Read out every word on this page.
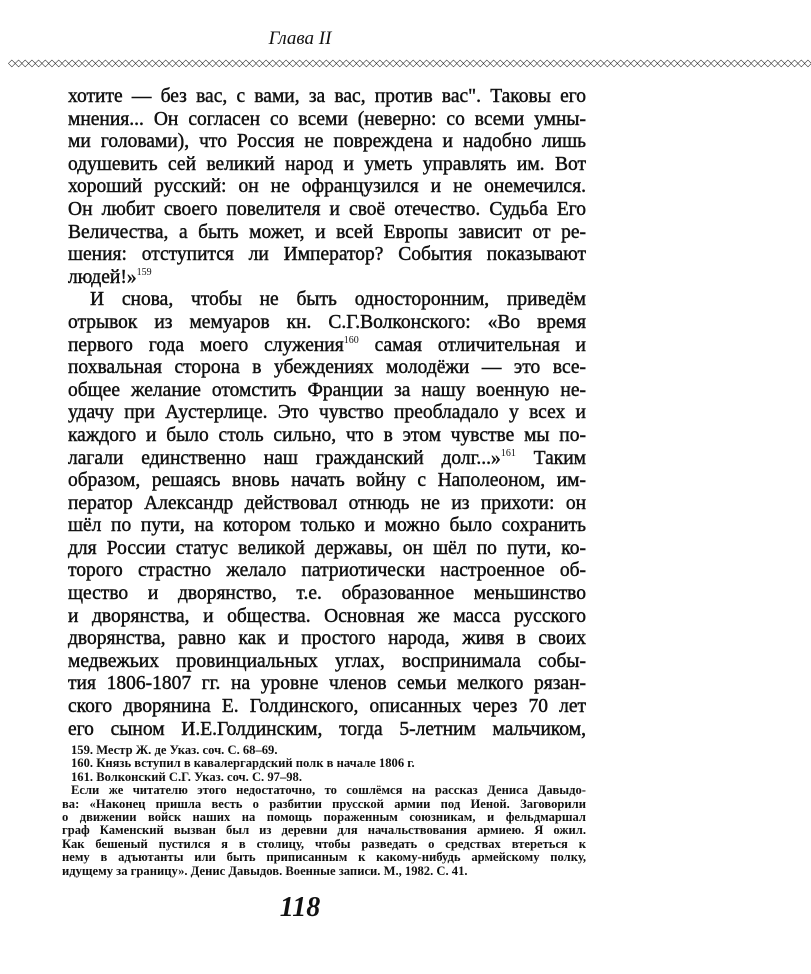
Глава II
◇◇◇◇◇◇◇◇◇◇◇◇◇◇◇◇◇◇◇◇◇◇◇◇◇◇◇◇◇◇◇◇◇◇◇◇◇◇◇◇◇◇◇◇◇◇◇◇◇◇◇◇◇◇◇◇◇◇◇◇◇◇◇◇◇◇◇◇◇◇◇◇◇◇◇◇◇◇◇◇◇◇◇◇◇◇◇◇◇◇◇◇◇◇◇◇◇◇◇◇◇◇◇◇◇◇◇◇◇◇◇◇◇◇◇◇◇◇◇◇
хотите — без вас, с вами, за вас, против вас". Таковы его
мнения... Он согласен со всеми (неверно: со всеми умны-
ми головами), что Россия не повреждена и надобно лишь
одушевить сей великий народ и уметь управлять им. Вот
хороший русский: он не офранцузился и не онемечился.
Он любит своего повелителя и своё отечество. Судьба Его
Величества, а быть может, и всей Европы зависит от ре-
шения: отступится ли Император? События показывают
людей!»$^{159}$
И снова, чтобы не быть односторонним, приведём
отрывок из мемуаров кн. С.Г.Волконского: «Во время
первого года моего служения$^{160}$ самая отличительная и
похвальная сторона в убеждениях молодёжи — это все-
общее желание отомстить Франции за нашу военную не-
удачу при Аустерлице. Это чувство преобладало у всех и
каждого и было столь сильно, что в этом чувстве мы по-
лагали единственно наш гражданский долг...»$^{161}$ Таким
образом, решаясь вновь начать войну с Наполеоном, им-
ператор Александр действовал отнюдь не из прихоти: он
шёл по пути, на котором только и можно было сохранить
для России статус великой державы, он шёл по пути, ко-
торого страстно желало патриотически настроенное об-
щество и дворянство, т.е. образованное меньшинство
и дворянства, и общества. Основная же масса русского
дворянства, равно как и простого народа, живя в своих
медвежьих провинциальных углах, воспринимала собы-
тия 1806-1807 гг. на уровне членов семьи мелкого рязан-
ского дворянина Е. Голдинского, описанных через 70 лет
его сыном И.Е.Голдинским, тогда 5-летним мальчиком,
159. Местр Ж. де Указ. соч. С. 68–69.
160. Князь вступил в кавалергардский полк в начале 1806 г.
161. Волконский С.Г. Указ. соч. С. 97–98.
Если же читателю этого недостаточно, то сошлёмся на рассказ Дениса Давыдо-
ва: «Наконец пришла весть о разбитии прусской армии под Иеной. Заговорили
о движении войск наших на помощь пораженным союзникам, и фельдмаршал
граф Каменский вызван был из деревни для начальствования армиею. Я ожил.
Как бешеный пустился я в столицу, чтобы разведать о средствах втереться к
нему в адъютанты или быть приписанным к какому-нибудь армейскому полку,
идущему за границу». Денис Давыдов. Военные записи. М., 1982. С. 41.
118
